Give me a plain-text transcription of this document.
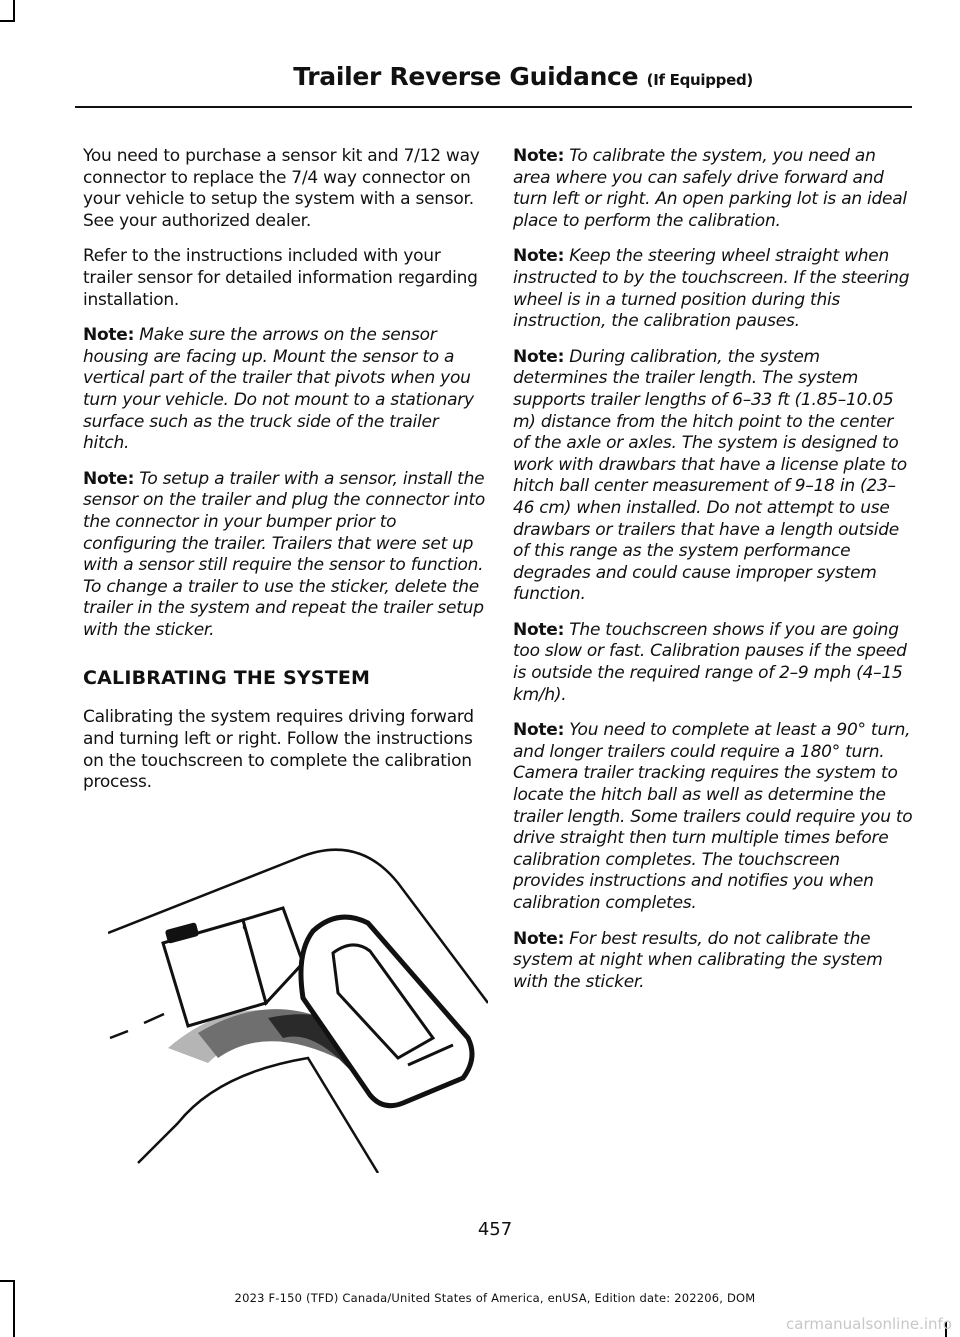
Trailer Reverse Guidance (If Equipped)

You need to purchase a sensor kit and 7/12 way connector to replace the 7/4 way connector on your vehicle to setup the system with a sensor. See your authorized dealer.

Refer to the instructions included with your trailer sensor for detailed information regarding installation.

Note: Make sure the arrows on the sensor housing are facing up. Mount the sensor to a vertical part of the trailer that pivots when you turn your vehicle. Do not mount to a stationary surface such as the truck side of the trailer hitch.

Note: To setup a trailer with a sensor, install the sensor on the trailer and plug the connector into the connector in your bumper prior to configuring the trailer. Trailers that were set up with a sensor still require the sensor to function. To change a trailer to use the sticker, delete the trailer in the system and repeat the trailer setup with the sticker.

CALIBRATING THE SYSTEM

Calibrating the system requires driving forward and turning left or right. Follow the instructions on the touchscreen to complete the calibration process.

Note: To calibrate the system, you need an area where you can safely drive forward and turn left or right. An open parking lot is an ideal place to perform the calibration.

Note: Keep the steering wheel straight when instructed to by the touchscreen. If the steering wheel is in a turned position during this instruction, the calibration pauses.

Note: During calibration, the system determines the trailer length. The system supports trailer lengths of 6–33 ft (1.85–10.05 m) distance from the hitch point to the center of the axle or axles. The system is designed to work with drawbars that have a license plate to hitch ball center measurement of 9–18 in (23–46 cm) when installed. Do not attempt to use drawbars or trailers that have a length outside of this range as the system performance degrades and could cause improper system function.

Note: The touchscreen shows if you are going too slow or fast. Calibration pauses if the speed is outside the required range of 2–9 mph (4–15 km/h).

Note: You need to complete at least a 90° turn, and longer trailers could require a 180° turn. Camera trailer tracking requires the system to locate the hitch ball as well as determine the trailer length. Some trailers could require you to drive straight then turn multiple times before calibration completes. The touchscreen provides instructions and notifies you when calibration completes.

Note: For best results, do not calibrate the system at night when calibrating the system with the sticker.

457
2023 F-150 (TFD) Canada/United States of America, enUSA, Edition date: 202206, DOM
carmanualsonline.info
